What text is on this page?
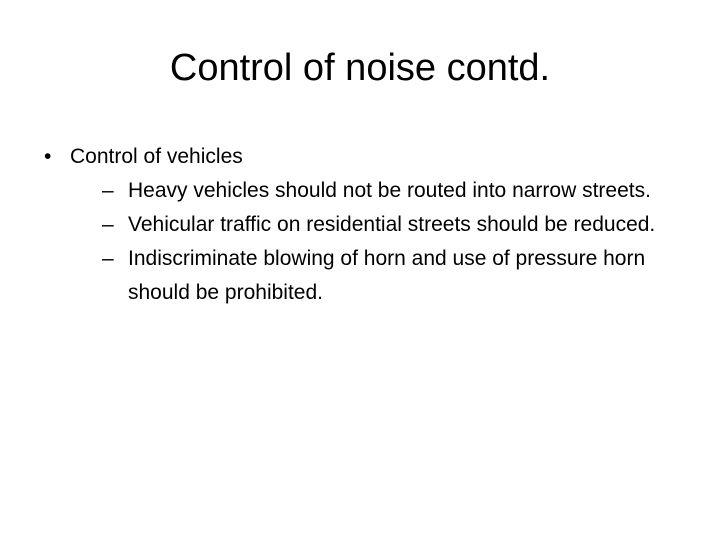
Control of noise contd.
• Control of vehicles
– Heavy vehicles should not be routed into narrow streets.
– Vehicular traffic on residential streets should be reduced.
– Indiscriminate blowing of horn and use of pressure horn should be prohibited.
